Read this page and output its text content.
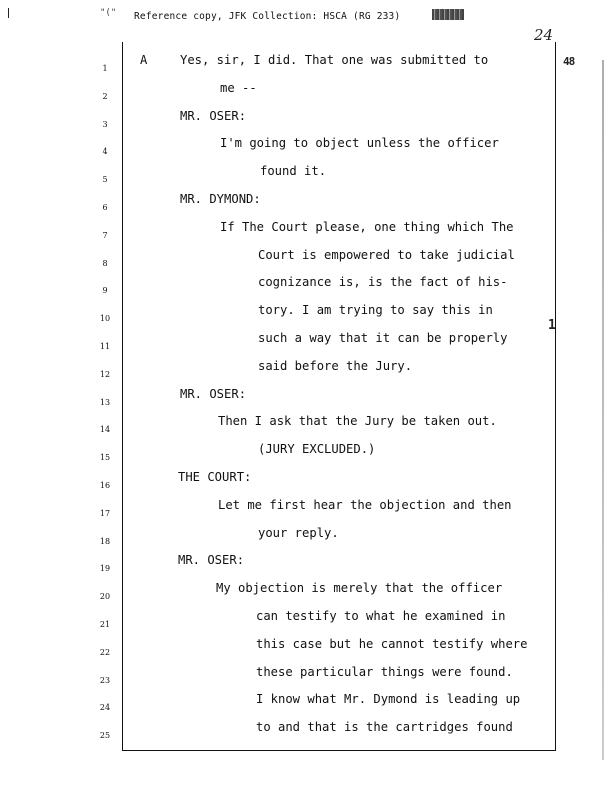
"(" Reference copy, JFK Collection: HSCA (RG 233)
24
48
1
1
A	Yes, sir, I did. That one was submitted to
2
me --
3
MR. OSER:
4
I'm going to object unless the officer
5
found it.
6
MR. DYMOND:
7
If The Court please, one thing which The
8
Court is empowered to take judicial
9
cognizance is, is the fact of his-
10
tory. I am trying to say this in
11
such a way that it can be properly
12
said before the Jury.
13
MR. OSER:
14
Then I ask that the Jury be taken out.
15
(JURY EXCLUDED.)
16
THE COURT:
17
Let me first hear the objection and then
18
your reply.
19
MR. OSER:
20
My objection is merely that the officer
21
can testify to what he examined in
22
this case but he cannot testify where
23
these particular things were found.
24
I know what Mr. Dymond is leading up
25
to and that is the cartridges found
